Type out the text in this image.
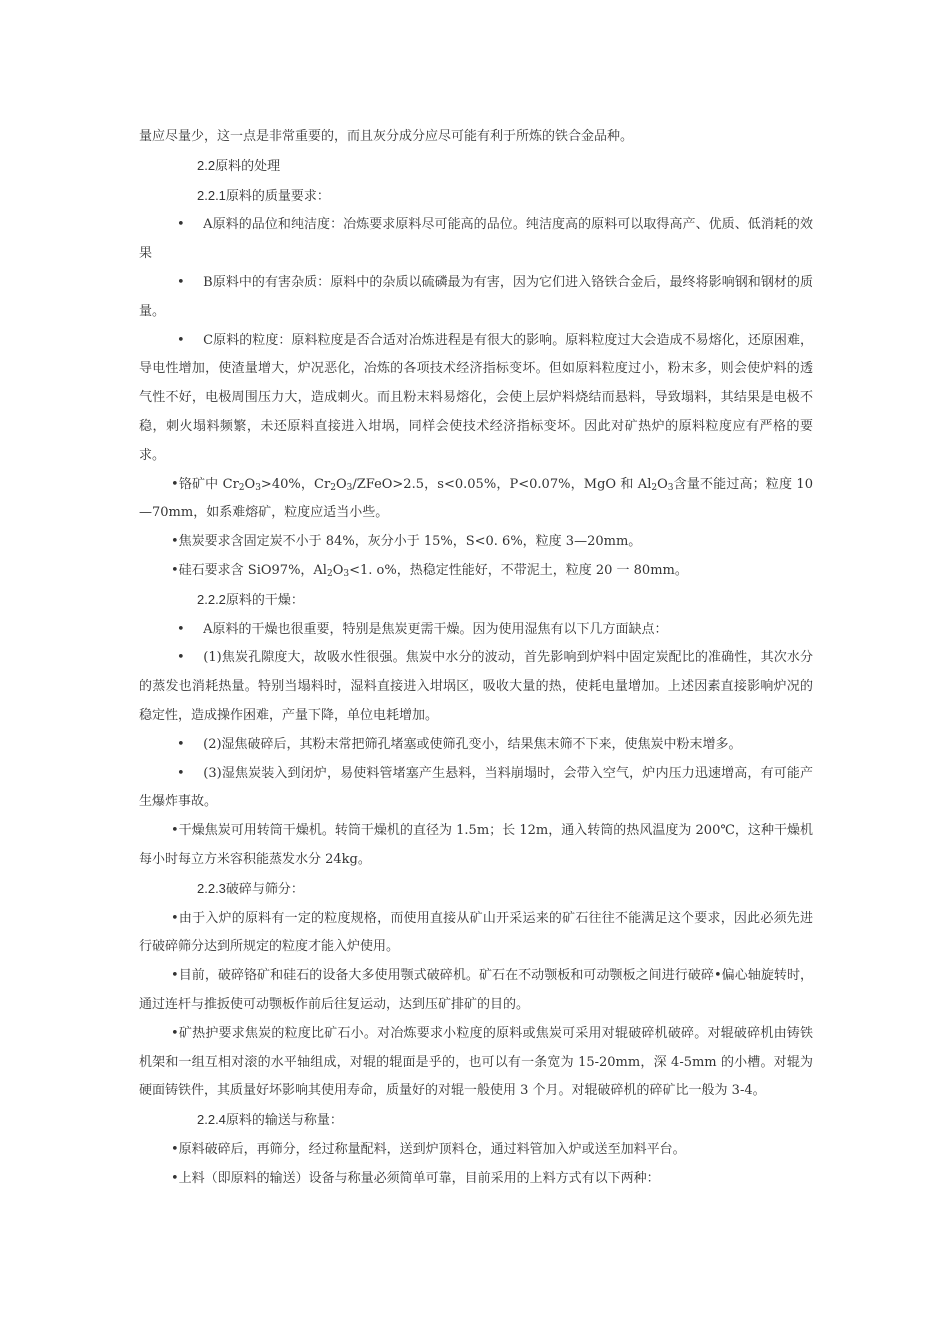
量应尽量少，这一点是非常重要的，而且灰分成分应尽可能有利于所炼的铁合金品种。

2.2原料的处理

2.2.1原料的质量要求：

• A原料的品位和纯洁度：冶炼要求原料尽可能高的品位。纯洁度高的原料可以取得高产、优质、低消耗的效果

• B原料中的有害杂质：原料中的杂质以硫磷最为有害，因为它们进入铬铁合金后，最终将影响钢和钢材的质量。

• C原料的粒度：原料粒度是否合适对冶炼进程是有很大的影响。原料粒度过大会造成不易熔化，还原困难，导电性增加，使渣量增大，炉况恶化，冶炼的各项技术经济指标变坏。但如原料粒度过小，粉末多，则会使炉料的透气性不好，电极周围压力大，造成刺火。而且粉末料易熔化，会使上层炉料烧结而悬料，导致塌料，其结果是电极不稳，刺火塌料频繁，未还原料直接进入坩埚，同样会使技术经济指标变坏。因此对矿热炉的原料粒度应有严格的要求。

•铬矿中 $Cr_2O_3>40\%$，$Cr_2O_3/ZFeO>2.5$，s<0.05%，P<0.07%，MgO 和 $Al_2O_3$含量不能过高；粒度 10—70mm，如系难熔矿，粒度应适当小些。

•焦炭要求含固定炭不小于 84%，灰分小于 15%，S<0. 6%，粒度 3—20mm。

•硅石要求含 SiO97%，$Al_2O_3<1$. o%，热稳定性能好，不带泥土，粒度 20 一 80mm。

2.2.2原料的干燥：

• A原料的干燥也很重要，特别是焦炭更需干燥。因为使用湿焦有以下几方面缺点：

• (1)焦炭孔隙度大，故吸水性很强。焦炭中水分的波动，首先影响到炉料中固定炭配比的准确性，其次水分的蒸发也消耗热量。特别当塌料时，湿料直接进入坩埚区，吸收大量的热，使耗电量增加。上述因素直接影响炉况的稳定性，造成操作困难，产量下降，单位电耗增加。

• (2)湿焦破碎后，其粉末常把筛孔堵塞或使筛孔变小，结果焦末筛不下来，使焦炭中粉末增多。

• (3)湿焦炭装入到闭炉，易使料管堵塞产生悬料，当料崩塌时，会带入空气，炉内压力迅速增高，有可能产生爆炸事故。

•干燥焦炭可用转筒干燥机。转筒干燥机的直径为 1.5m；长 12m，通入转筒的热风温度为 200℃，这种干燥机每小时每立方米容积能蒸发水分 24kg。

2.2.3破碎与筛分：

•由于入炉的原料有一定的粒度规格，而使用直接从矿山开采运来的矿石往往不能满足这个要求，因此必须先进行破碎筛分达到所规定的粒度才能入炉使用。

•目前，破碎铬矿和硅石的设备大多使用颚式破碎机。矿石在不动颚板和可动颚板之间进行破碎•偏心轴旋转时，通过连杆与推扳使可动颚板作前后往复运动，达到压矿排矿的目的。

•矿热护要求焦炭的粒度比矿石小。对冶炼要求小粒度的原料或焦炭可采用对辊破碎机破碎。对辊破碎机由铸铁机架和一组互相对滚的水平轴组成，对辊的辊面是乎的，也可以有一条宽为 15-20mm，深 4-5mm 的小槽。对辊为硬面铸铁件，其质量好坏影响其使用寿命，质量好的对辊一般使用 3 个月。对辊破碎机的碎矿比一般为 3-4。

2.2.4原料的输送与称量：

•原料破碎后，再筛分，经过称量配料，送到炉顶料仓，通过料管加入炉或送至加料平台。

•上料（即原料的输送）设备与称量必须简单可靠，目前采用的上料方式有以下两种：
